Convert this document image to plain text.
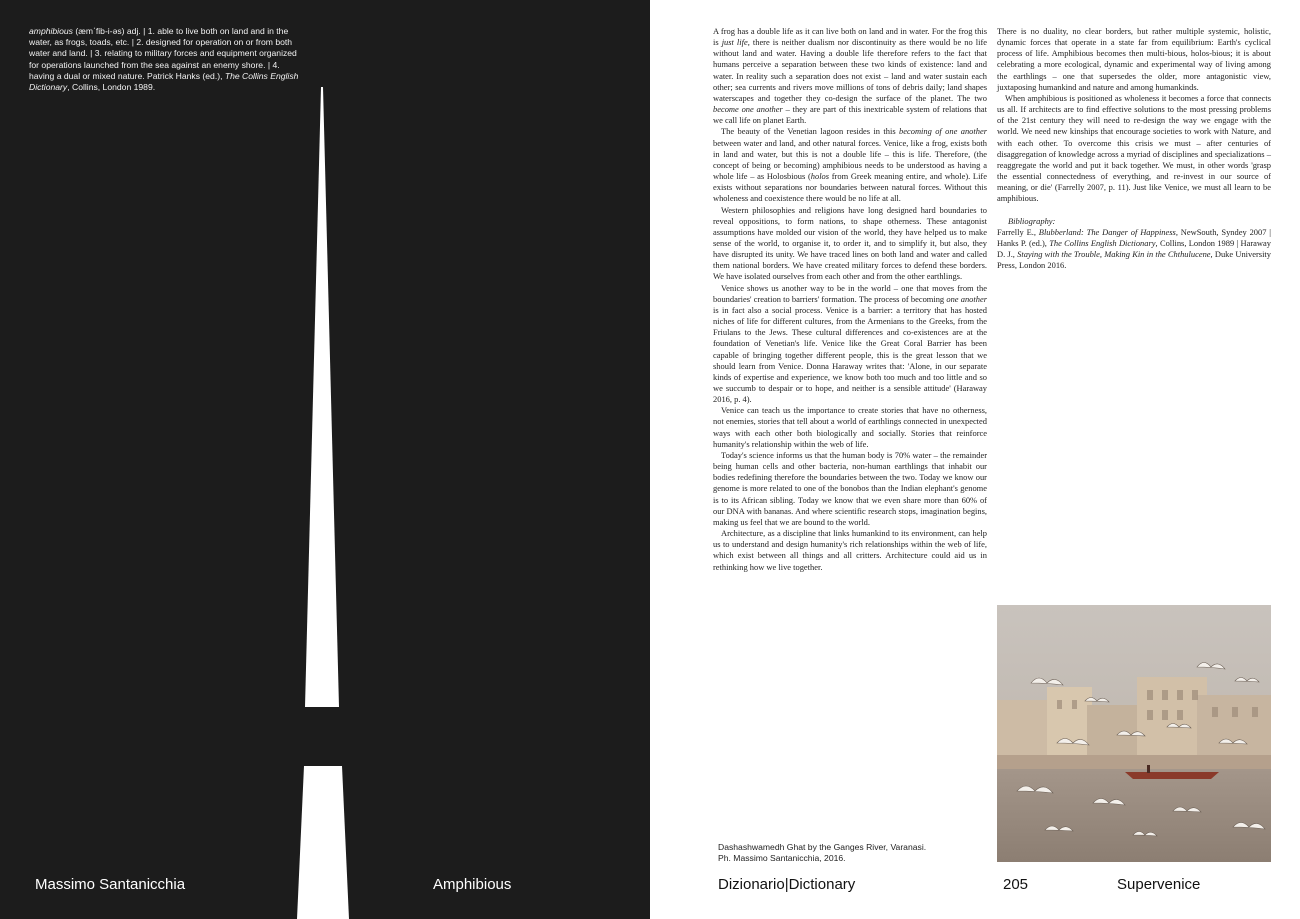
amphibious (æm΄fib-i-əs) adj. | 1. able to live both on land and in the water, as frogs, toads, etc. | 2. designed for operation on or from both water and land. | 3. relating to military forces and equipment organized for operations launched from the sea against an enemy shore. | 4. having a dual or mixed nature. Patrick Hanks (ed.), The Collins English Dictionary, Collins, London 1989.
Massimo Santanicchia	Amphibious

A frog has a double life as it can live both on land and in water. For the frog this is just life, there is neither dualism nor discontinuity as there would be no life without land and water. Having a double life therefore refers to the fact that humans perceive a separation between these two kinds of existence: land and water. In reality such a separation does not exist – land and water sustain each other; sea currents and rivers move millions of tons of debris daily; land shapes waterscapes and together they co-design the surface of the planet. The two become one another – they are part of this inextricable system of relations that we call life on planet Earth.

The beauty of the Venetian lagoon resides in this becoming of one another between water and land, and other natural forces. Venice, like a frog, exists both in land and water, but this is not a double life – this is life. Therefore, (the concept of being or becoming) amphibious needs to be understood as having a whole life – as Holosbious (holos from Greek meaning entire, and whole). Life exists without separations nor boundaries between natural forces. Without this wholeness and coexistence there would be no life at all.

Western philosophies and religions have long designed hard boundaries to reveal oppositions, to form nations, to shape otherness. These antagonist assumptions have molded our vision of the world, they have helped us to make sense of the world, to organise it, to order it, and to simplify it, but also, they have disrupted its unity. We have traced lines on both land and water and called them national borders. We have created military forces to defend these borders. We have isolated ourselves from each other and from the other earthlings.

Venice shows us another way to be in the world – one that moves from the boundaries' creation to barriers' formation. The process of becoming one another is in fact also a social process. Venice is a barrier: a territory that has hosted niches of life for different cultures, from the Armenians to the Greeks, from the Friulans to the Jews. These cultural differences and co-existences are at the foundation of Venetian's life. Venice like the Great Coral Barrier has been capable of bringing together different people, this is the great lesson that we should learn from Venice. Donna Haraway writes that: 'Alone, in our separate kinds of expertise and experience, we know both too much and too little and so we succumb to despair or to hope, and neither is a sensible attitude' (Haraway 2016, p. 4).

Venice can teach us the importance to create stories that have no otherness, not enemies, stories that tell about a world of earthlings connected in unexpected ways with each other both biologically and socially. Stories that reinforce humanity's relationship within the web of life.

Today's science informs us that the human body is 70% water – the remainder being human cells and other bacteria, non-human earthlings that inhabit our bodies redefining therefore the boundaries between the two. Today we know our genome is more related to one of the bonobos than the Indian elephant's genome is to its African sibling. Today we know that we even share more than 60% of our DNA with bananas. And where scientific research stops, imagination begins, making us feel that we are bound to the world.

Architecture, as a discipline that links humankind to its environment, can help us to understand and design humanity's rich relationships within the web of life, which exist between all things and all critters. Architecture could aid us in rethinking how we live together.

There is no duality, no clear borders, but rather multiple systemic, holistic, dynamic forces that operate in a state far from equilibrium: Earth's cyclical process of life. Amphibious becomes then multi-bious, holos-bious; it is about celebrating a more ecological, dynamic and experimental way of living among the earthlings – one that supersedes the older, more antagonistic view, juxtaposing humankind and nature and among humankinds.

When amphibious is positioned as wholeness it becomes a force that connects us all. If architects are to find effective solutions to the most pressing problems of the 21st century they will need to re-design the way we engage with the world. We need new kinships that encourage societies to work with Nature, and with each other. To overcome this crisis we must – after centuries of disaggregation of knowledge across a myriad of disciplines and specializations – reaggregate the world and put it back together. We must, in other words 'grasp the essential connectedness of everything, and re-invest in our source of meaning, or die' (Farrelly 2007, p. 11). Just like Venice, we must all learn to be amphibious.

Bibliography:

Farrelly E., Blubberland: The Danger of Happiness, NewSouth, Syndey 2007 | Hanks P. (ed.), The Collins English Dictionary, Collins, London 1989 | Haraway D. J., Staying with the Trouble, Making Kin in the Chthulucene, Duke University Press, London 2016.

Dashashwamedh Ghat by the Ganges River, Varanasi.
Ph. Massimo Santanicchia, 2016.
Dizionario|Dictionary	205	Supervenice
